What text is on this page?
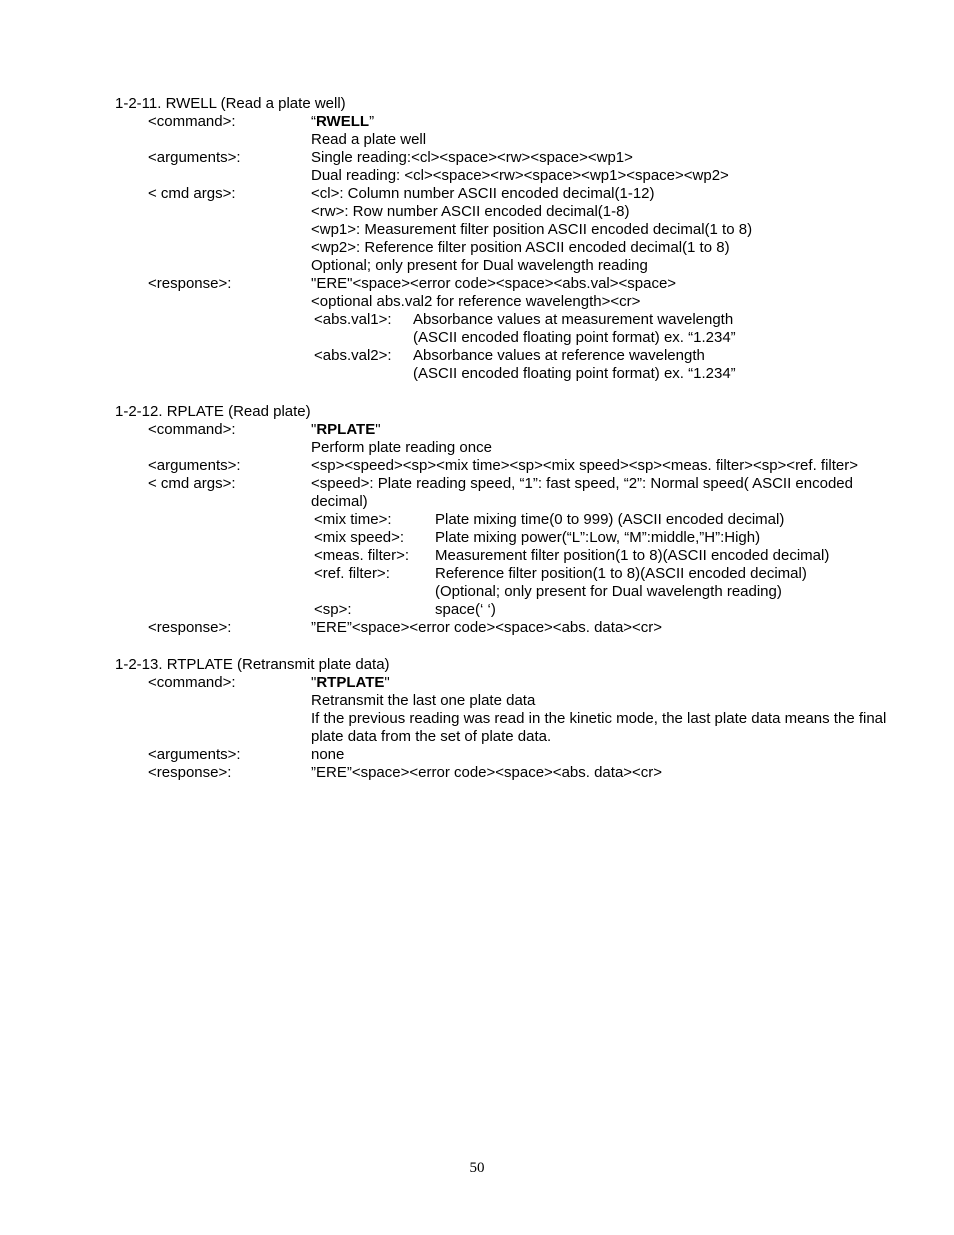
1-2-11. RWELL (Read a plate well)
<command>:	“RWELL”
Read a plate well
<arguments>:	Single reading:<cl><space><rw><space><wp1>
Dual reading: <cl><space><rw><space><wp1><space><wp2>
< cmd args>:	<cl>: Column number ASCII encoded decimal(1-12)
<rw>: Row number ASCII encoded decimal(1-8)
<wp1>: Measurement filter position ASCII encoded decimal(1 to 8)
<wp2>: Reference filter position ASCII encoded decimal(1 to 8)
Optional; only present for Dual wavelength reading
<response>:	"ERE"<space><error code><space><abs.val><space>
<optional abs.val2 for reference wavelength><cr>
<abs.val1>: Absorbance values at measurement wavelength
(ASCII encoded floating point format) ex. “1.234”
<abs.val2>: Absorbance values at reference wavelength
(ASCII encoded floating point format) ex. “1.234”
1-2-12. RPLATE (Read plate)
<command>:	"RPLATE"
Perform plate reading once
<arguments>:	<sp><speed><sp><mix time><sp><mix speed><sp><meas. filter><sp><ref. filter>
< cmd args>:	<speed>: Plate reading speed, “1”: fast speed, “2”: Normal speed( ASCII encoded decimal)
<mix time>:	Plate mixing time(0 to 999) (ASCII encoded decimal)
<mix speed>: Plate mixing power(“L”:Low, “M”:middle,”H”:High)
<meas. filter>: Measurement filter position(1 to 8)(ASCII encoded decimal)
<ref. filter>:	Reference filter position(1 to 8)(ASCII encoded decimal)
(Optional; only present for Dual wavelength reading)
<sp>:	space(‘ ‘)
<response>:	”ERE”<space><error code><space><abs. data><cr>
1-2-13. RTPLATE (Retransmit plate data)
<command>:	"RTPLATE"
Retransmit the last one plate data
If the previous reading was read in the kinetic mode, the last plate data means the final plate data from the set of plate data.
<arguments>:	none
<response>:	”ERE”<space><error code><space><abs. data><cr>
50
